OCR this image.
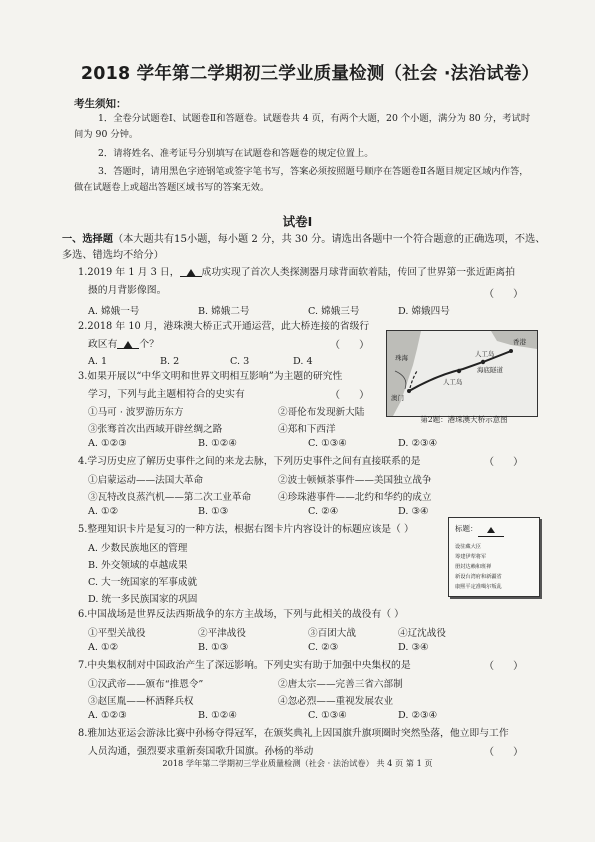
2018 学年第二学期初三学业质量检测（社会 ·法治试卷）
考生须知：
1．全卷分试题卷Ⅰ、试题卷Ⅱ和答题卷。试题卷共 4 页，有两个大题，20 个小题，满分为 80 分，考试时间为 90 分钟。
2．请将姓名、准考证号分别填写在试题卷和答题卷的规定位置上。
3．答题时，请用黑色字迹钢笔或签字笔书写，答案必须按照题号顺序在答题卷Ⅱ各题目规定区域内作答，做在试题卷上或超出答题区域书写的答案无效。
试卷Ⅰ
一、选择题（本大题共有15小题，每小题 2 分，共 30 分。请选出各题中一个符合题意的正确选项，不选、多选、错选均不给分）
1.2019 年 1 月 3 日， 成功实现了首次人类探测器月球背面软着陆，传回了世界第一张近距离拍
摄的月背影像图。	（      ）
A. 嫦娥一号	B. 嫦娥二号	C. 嫦娥三号	D. 嫦娥四号
2.2018 年 10 月，港珠澳大桥正式开通运营，此大桥连接的省级行
政区有 个？	（      ）
A. 1	B. 2	C. 3	D. 4	珠海
澳门
香港
人工岛
人工岛
海底隧道
第2题：港珠澳大桥示意图
3.如果开展以“中华文明和世界文明相互影响”为主题的研究性
学习，下列与此主题相符合的史实有	（      ）
①马可 · 波罗游历东方	②哥伦布发现新大陆
③张骞首次出西域开辟丝绸之路	④郑和下西洋
A. ①②③	B. ①②④	C. ①③④	D. ②③④
4.学习历史应了解历史事件之间的来龙去脉，下列历史事件之间有直接联系的是	（      ）
①启蒙运动——法国大革命	②波士顿倾茶事件——美国独立战争
③瓦特改良蒸汽机——第二次工业革命	④珍珠港事件——北约和华约的成立
A. ①②	B. ①③	C. ②④	D. ③④
5.整理知识卡片是复习的一种方法，根据右图卡片内容设计的标题应该是（ ）
A. 少数民族地区的管理
B. 外交领域的卓越成果
C. 大一统国家的军事成就
D. 统一多民族国家的巩固
标题：
设驻藏大臣
筹建伊犁将军
册封达赖和班禅
新设台湾府和新疆省
康熙平定准噶尔叛乱
6.中国战场是世界反法西斯战争的东方主战场，下列与此相关的战役有（ ）
①平型关战役	②平津战役	③百团大战	④辽沈战役
A. ①②	B. ①③	C. ②③	D. ③④
7.中央集权制对中国政治产生了深远影响。下列史实有助于加强中央集权的是	（      ）
①汉武帝——颁布“推恩令”	②唐太宗——完善三省六部制
③赵匡胤——杯酒释兵权	④忽必烈——重视发展农业
A. ①②③	B. ①②④	C. ①③④	D. ②③④
8.雅加达亚运会游泳比赛中孙杨夺得冠军，在颁奖典礼上因国旗升旗项圈时突然坠落，他立即与工作
人员沟通，强烈要求重新奏国歌升国旗。孙杨的举动	（      ）
2018 学年第二学期初三学业质量检测（社会 · 法治试卷） 共 4 页 第 1 页
